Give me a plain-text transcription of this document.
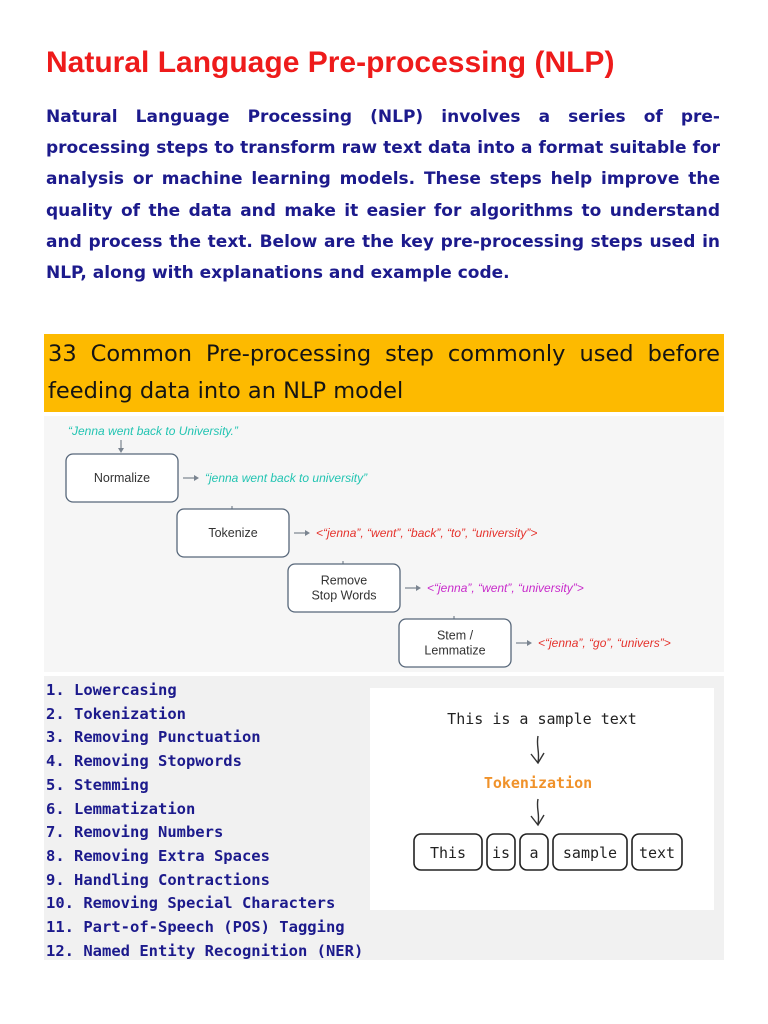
Natural Language Pre-processing (NLP)

Natural Language Processing (NLP) involves a series of pre-processing steps to transform raw text data into a format suitable for analysis or machine learning models. These steps help improve the quality of the data and make it easier for algorithms to understand and process the text. Below are the key pre-processing steps used in NLP, along with explanations and example code.

33 Common Pre-processing step commonly used before feeding data into an NLP model

“Jenna went back to University.”
Normalize	“jenna went back to university”
Tokenize	<“jenna”, “went”, “back”, “to”, “university”>
Remove
Stop Words
<“jenna”, “went”, “university”>
Stem /
Lemmatize
<“jenna”, “go”, “univers”>
1. Lowercasing
2. Tokenization
3. Removing Punctuation
4. Removing Stopwords
5. Stemming
6. Lemmatization
7. Removing Numbers
8. Removing Extra Spaces
9. Handling Contractions
10. Removing Special Characters
11. Part-of-Speech (POS) Tagging
12. Named Entity Recognition (NER)
This is a sample text
Tokenization
This is a sample text
